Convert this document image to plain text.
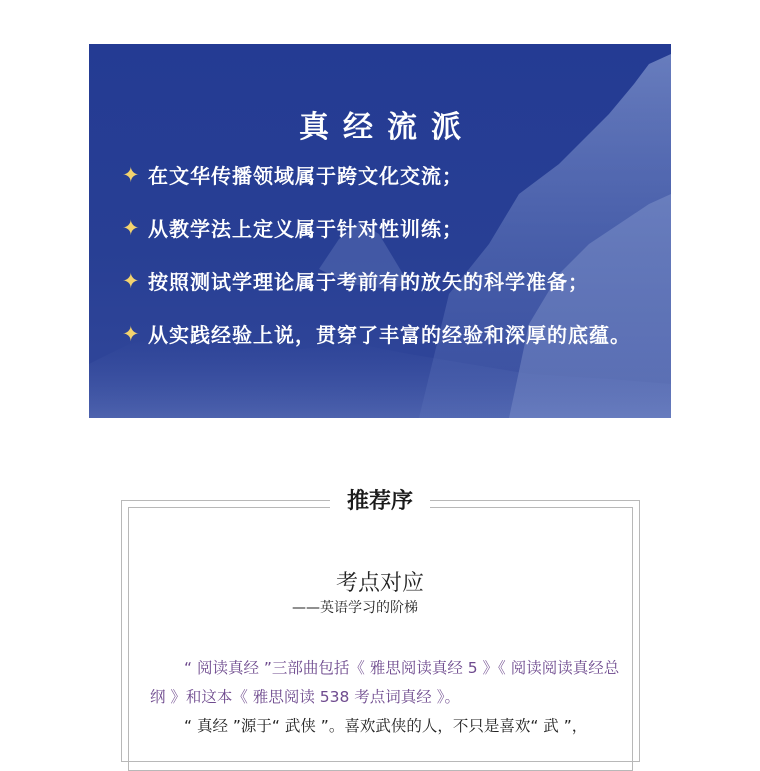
真经流派
✦ 在文华传播领域属于跨文化交流；
✦ 从教学法上定义属于针对性训练；
✦ 按照测试学理论属于考前有的放矢的科学准备；
✦ 从实践经验上说，贯穿了丰富的经验和深厚的底蕴。
推荐序
考点对应
——英语学习的阶梯
“ 阅读真经 ”三部曲包括《 雅思阅读真经 5 》《 阅读阅读真经总纲 》和这本《 雅思阅读 538 考点词真经 》。
“ 真经 ”源于“ 武侠 ”。喜欢武侠的人，不只是喜欢“ 武 ”，
